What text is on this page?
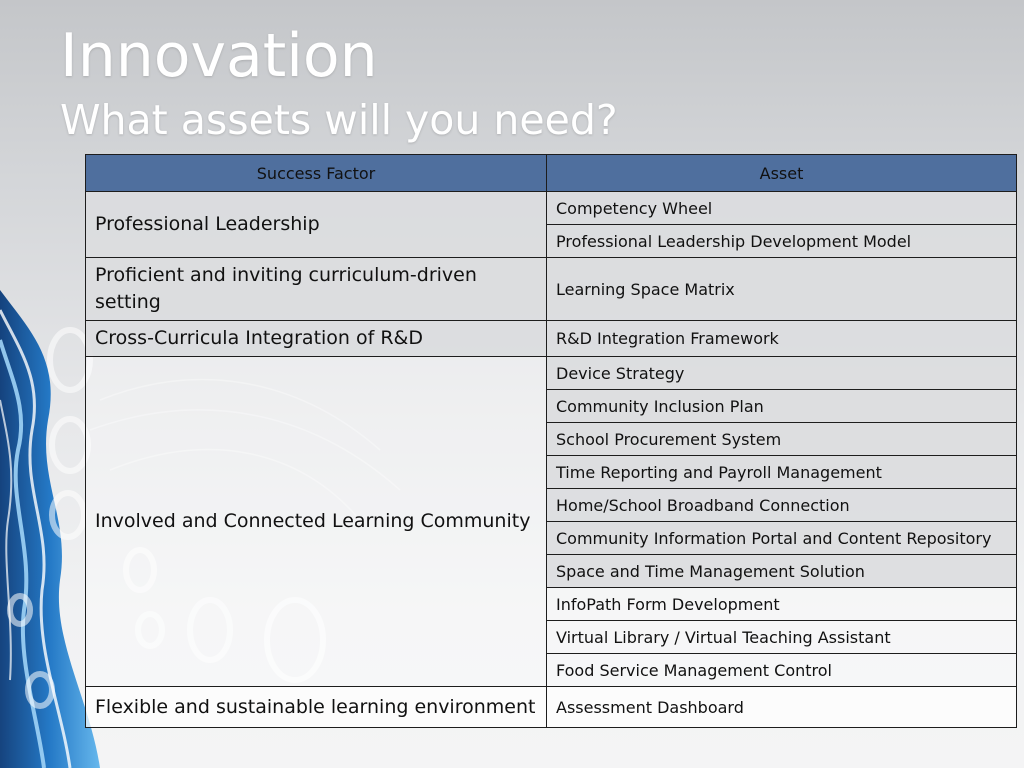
Innovation
What assets will you need?
Success Factor	Asset
Professional Leadership	Competency Wheel
	Professional Leadership Development Model
Proficient and inviting curriculum-driven setting	Learning Space Matrix
Cross-Curricula Integration of R&D	R&D Integration Framework
Involved and Connected Learning Community	Device Strategy
	Community Inclusion Plan
	School Procurement System
	Time Reporting and Payroll Management
	Home/School Broadband Connection
	Community Information Portal and Content Repository
	Space and Time Management Solution
	InfoPath Form Development
	Virtual Library / Virtual Teaching Assistant
	Food Service Management Control
Flexible and sustainable learning environment	Assessment Dashboard
